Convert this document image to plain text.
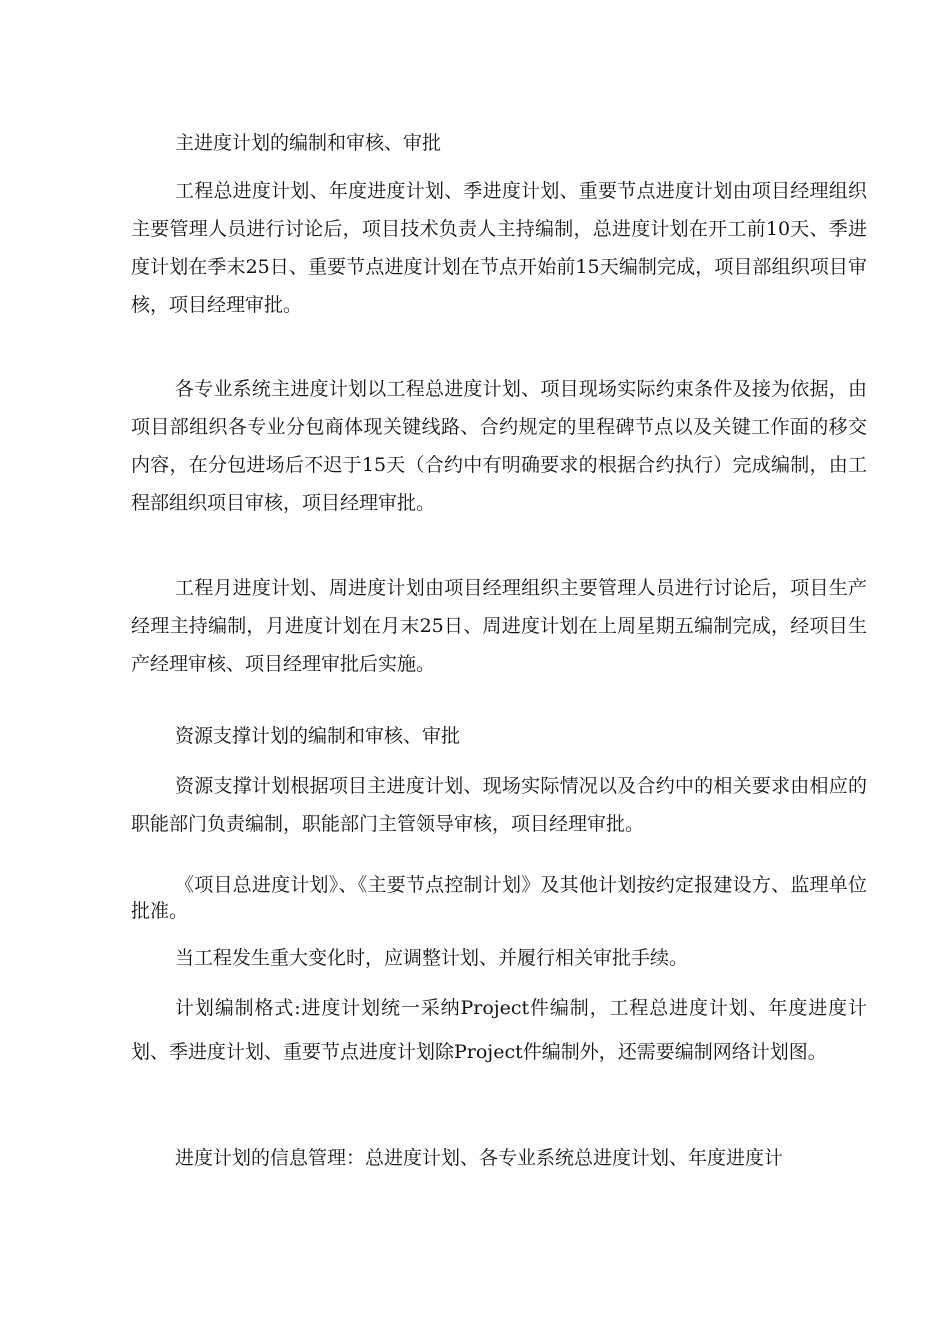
主进度计划的编制和审核、审批

工程总进度计划、年度进度计划、季进度计划、重要节点进度计划由项目经理组织主要管理人员进行讨论后，项目技术负责人主持编制，总进度计划在开工前10天、季进度计划在季末25日、重要节点进度计划在节点开始前15天编制完成，项目部组织项目审核，项目经理审批。

各专业系统主进度计划以工程总进度计划、项目现场实际约束条件及接为依据，由项目部组织各专业分包商体现关键线路、合约规定的里程碑节点以及关键工作面的移交内容，在分包进场后不迟于15天（合约中有明确要求的根据合约执行）完成编制，由工程部组织项目审核，项目经理审批。

工程月进度计划、周进度计划由项目经理组织主要管理人员进行讨论后，项目生产经理主持编制，月进度计划在月末25日、周进度计划在上周星期五编制完成，经项目生产经理审核、项目经理审批后实施。

资源支撑计划的编制和审核、审批

资源支撑计划根据项目主进度计划、现场实际情况以及合约中的相关要求由相应的职能部门负责编制，职能部门主管领导审核，项目经理审批。

《项目总进度计划》、《主要节点控制计划》及其他计划按约定报建设方、监理单位批准。

当工程发生重大变化时，应调整计划、并履行相关审批手续。

计划编制格式:进度计划统一采纳Project件编制，工程总进度计划、年度进度计划、季进度计划、重要节点进度计划除Project件编制外，还需要编制网络计划图。

进度计划的信息管理：总进度计划、各专业系统总进度计划、年度进度计
